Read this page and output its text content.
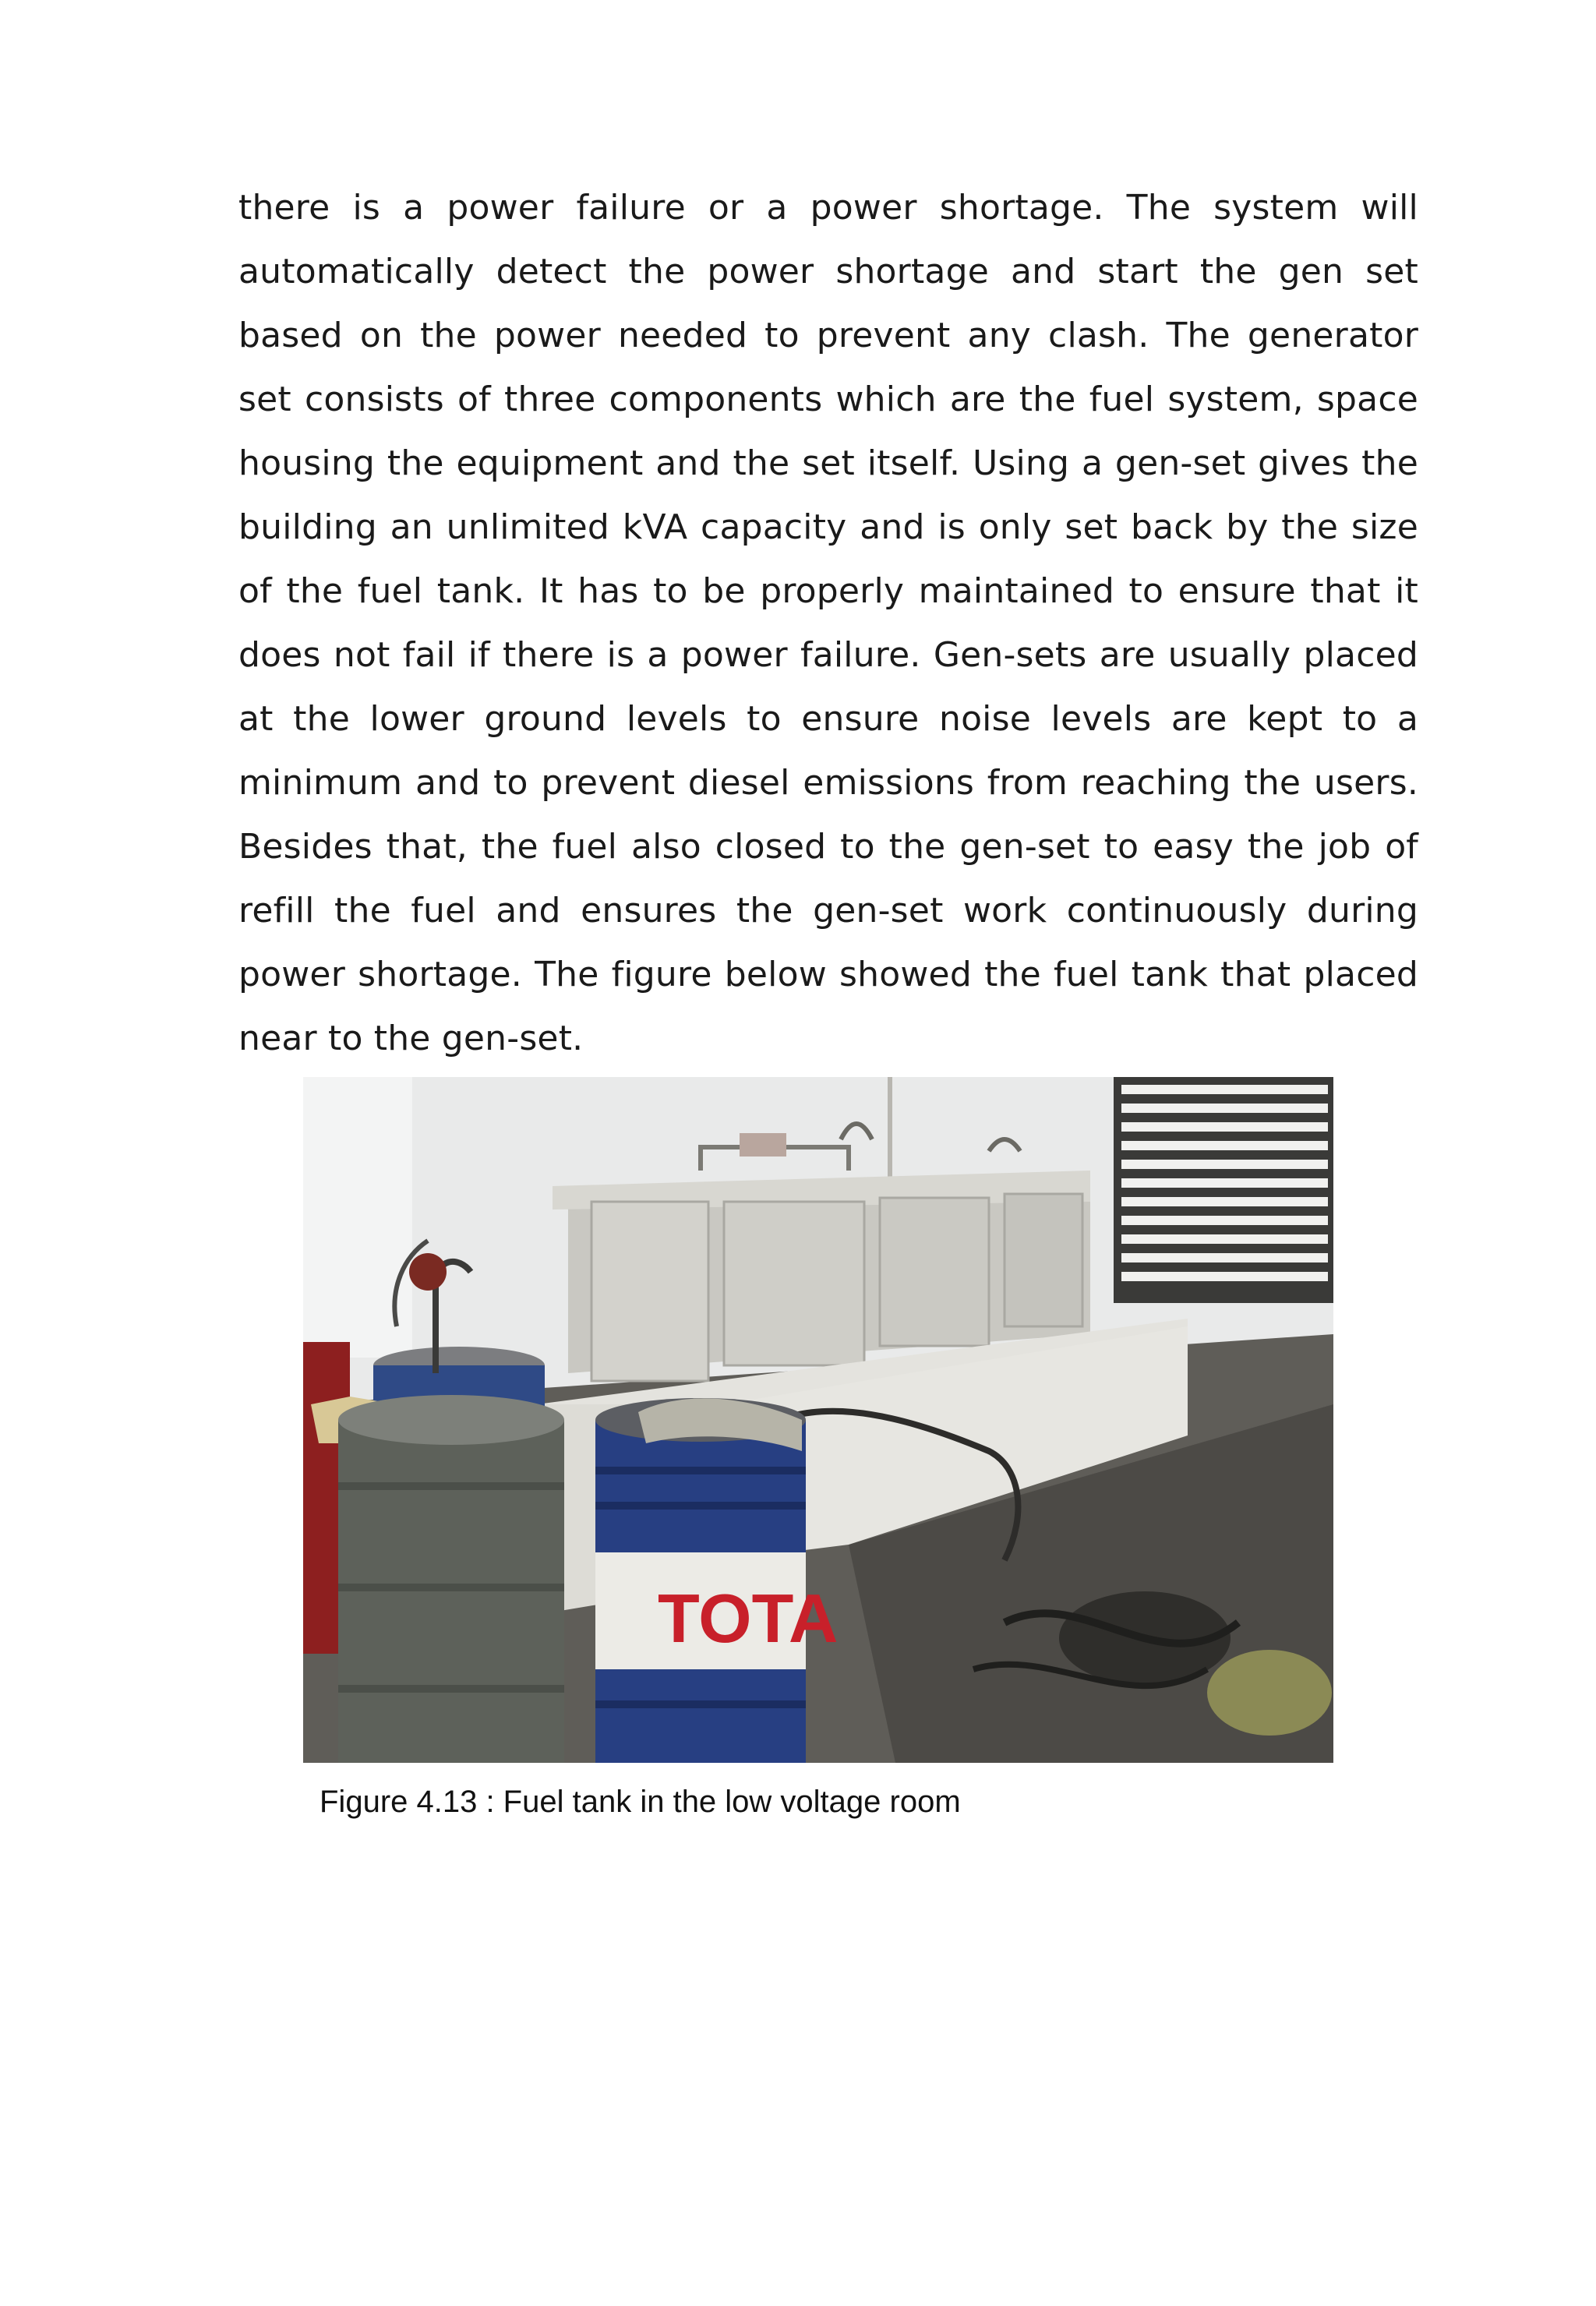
there is a power failure or a power shortage. The system will automatically detect the power shortage and start the gen set based on the power needed to prevent any clash. The generator set consists of three components which are the fuel system, space housing the equipment and the set itself. Using a gen-set gives the building an unlimited kVA capacity and is only set back by the size of the fuel tank. It has to be properly maintained to ensure that it does not fail if there is a power failure. Gen-sets are usually placed at the lower ground levels to ensure noise levels are kept to a minimum and to prevent diesel emissions from reaching the users. Besides that, the fuel also closed to the gen-set to easy the job of refill the fuel and ensures the gen-set work continuously during power shortage. The figure below showed the fuel tank that placed near to the gen-set.

TOTA

Figure 4.13 : Fuel tank in the low voltage room
